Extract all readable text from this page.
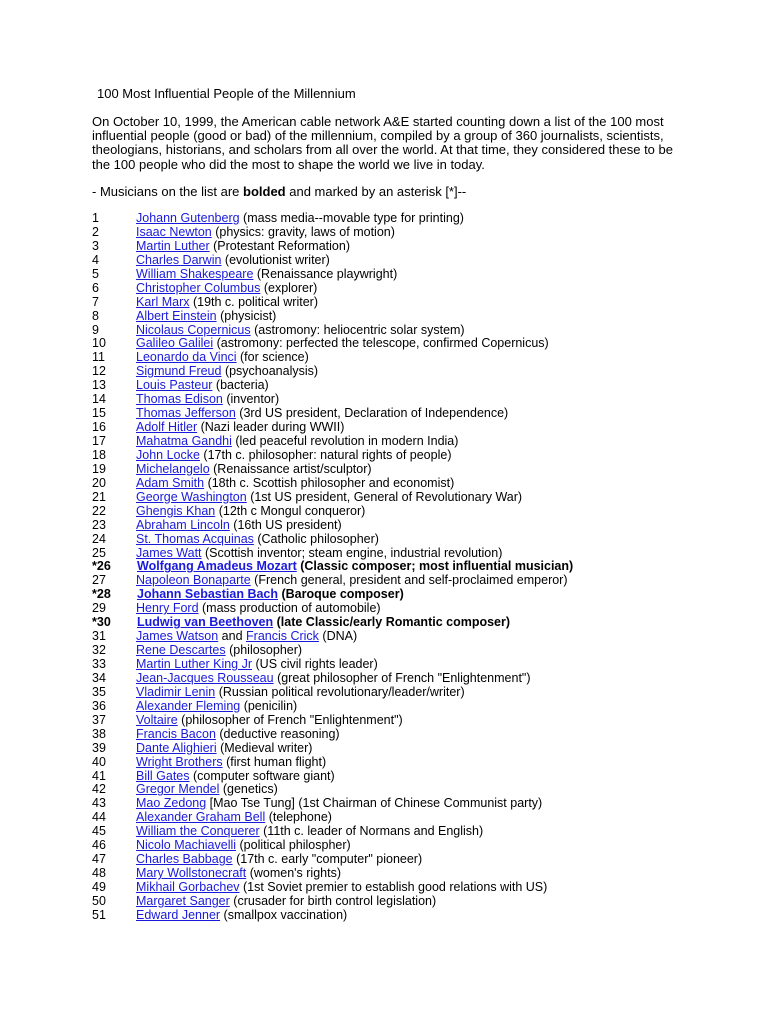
100 Most Influential People of the Millennium
On October 10, 1999, the American cable network A&E started counting down a list of the 100 most influential people (good or bad) of the millennium, compiled by a group of 360 journalists, scientists, theologians, historians, and scholars from all over the world. At that time, they considered these to be the 100 people who did the most to shape the world we live in today.
- Musicians on the list are bolded and marked by an asterisk [*]--
1	Johann Gutenberg (mass media--movable type for printing)
2	Isaac Newton (physics: gravity, laws of motion)
3	Martin Luther (Protestant Reformation)
4	Charles Darwin (evolutionist writer)
5	William Shakespeare (Renaissance playwright)
6	Christopher Columbus (explorer)
7	Karl Marx (19th c. political writer)
8	Albert Einstein (physicist)
9	Nicolaus Copernicus (astromony: heliocentric solar system)
10 Galileo Galilei (astromony: perfected the telescope, confirmed Copernicus)
11 Leonardo da Vinci (for science)
12 Sigmund Freud (psychoanalysis)
13 Louis Pasteur (bacteria)
14 Thomas Edison (inventor)
15 Thomas Jefferson (3rd US president, Declaration of Independence)
16 Adolf Hitler (Nazi leader during WWII)
17 Mahatma Gandhi (led peaceful revolution in modern India)
18 John Locke (17th c. philosopher: natural rights of people)
19 Michelangelo (Renaissance artist/sculptor)
20 Adam Smith (18th c. Scottish philosopher and economist)
21 George Washington (1st US president, General of Revolutionary War)
22 Ghengis Khan (12th c Mongul conqueror)
23 Abraham Lincoln (16th US president)
24 St. Thomas Acquinas (Catholic philosopher)
25 James Watt (Scottish inventor; steam engine, industrial revolution)
*26 Wolfgang Amadeus Mozart (Classic composer; most influential musician)
27 Napoleon Bonaparte (French general, president and self-proclaimed emperor)
*28 Johann Sebastian Bach (Baroque composer)
29 Henry Ford (mass production of automobile)
*30 Ludwig van Beethoven (late Classic/early Romantic composer)
31 James Watson and Francis Crick (DNA)
32 Rene Descartes (philosopher)
33 Martin Luther King Jr (US civil rights leader)
34 Jean-Jacques Rousseau (great philosopher of French "Enlightenment")
35 Vladimir Lenin (Russian political revolutionary/leader/writer)
36 Alexander Fleming (penicilin)
37 Voltaire (philosopher of French "Enlightenment")
38 Francis Bacon (deductive reasoning)
39 Dante Alighieri (Medieval writer)
40 Wright Brothers (first human flight)
41 Bill Gates (computer software giant)
42 Gregor Mendel (genetics)
43 Mao Zedong [Mao Tse Tung] (1st Chairman of Chinese Communist party)
44 Alexander Graham Bell (telephone)
45 William the Conquerer (11th c. leader of Normans and English)
46 Nicolo Machiavelli (political philospher)
47 Charles Babbage (17th c. early "computer" pioneer)
48 Mary Wollstonecraft (women's rights)
49 Mikhail Gorbachev (1st Soviet premier to establish good relations with US)
50 Margaret Sanger (crusader for birth control legislation)
51 Edward Jenner (smallpox vaccination)
